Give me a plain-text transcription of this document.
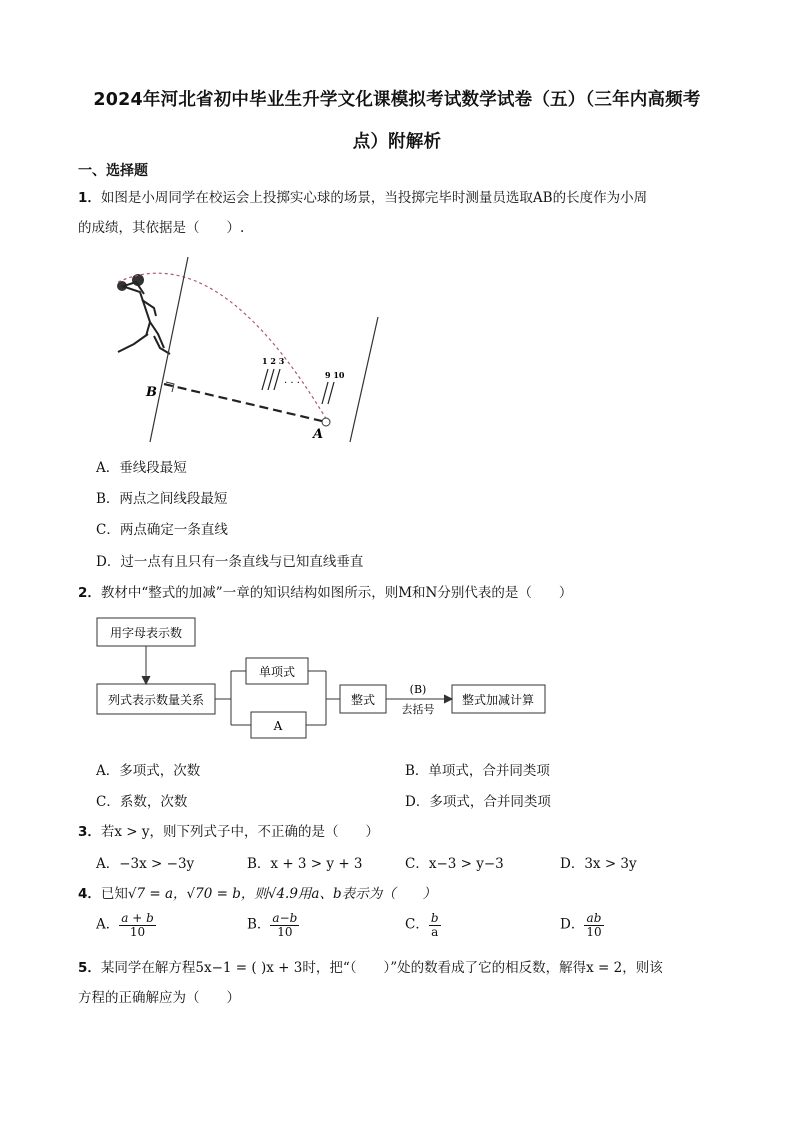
2024年河北省初中毕业生升学文化课模拟考试数学试卷（五）（三年内高频考
点）附解析
一、选择题
1．如图是小周同学在校运会上投掷实心球的场景，当投掷完毕时测量员选取AB的长度作为小周
的成绩，其依据是（　　）.
B
A
1 2 3
· · ·
9 10
A．垂线段最短
B．两点之间线段最短
C．两点确定一条直线
D．过一点有且只有一条直线与已知直线垂直
2．教材中“整式的加减”一章的知识结构如图所示，则M和N分别代表的是（　　）
用字母表示数
列式表示数量关系
单项式
A
整式
(B)
去括号
整式加减计算
A．多项式，次数	B．单项式，合并同类项
C．系数，次数	D．多项式，合并同类项
3．若x > y，则下列式子中，不正确的是（　　）
A．−3x > −3y	B．x + 3 > y + 3	C．x−3 > y−3	D．3x > 3y
4．已知√7 = a，√70 = b，则√4.9用a、b表示为（　　）
A． $\frac{a + b}{10}$	B． $\frac{a-b}{10}$	C． $\frac{b}{a}$	D． $\frac{ab}{10}$
5．某同学在解方程5x−1 = ( )x + 3时，把“（　　）”处的数看成了它的相反数，解得x = 2，则该
方程的正确解应为（　　）
